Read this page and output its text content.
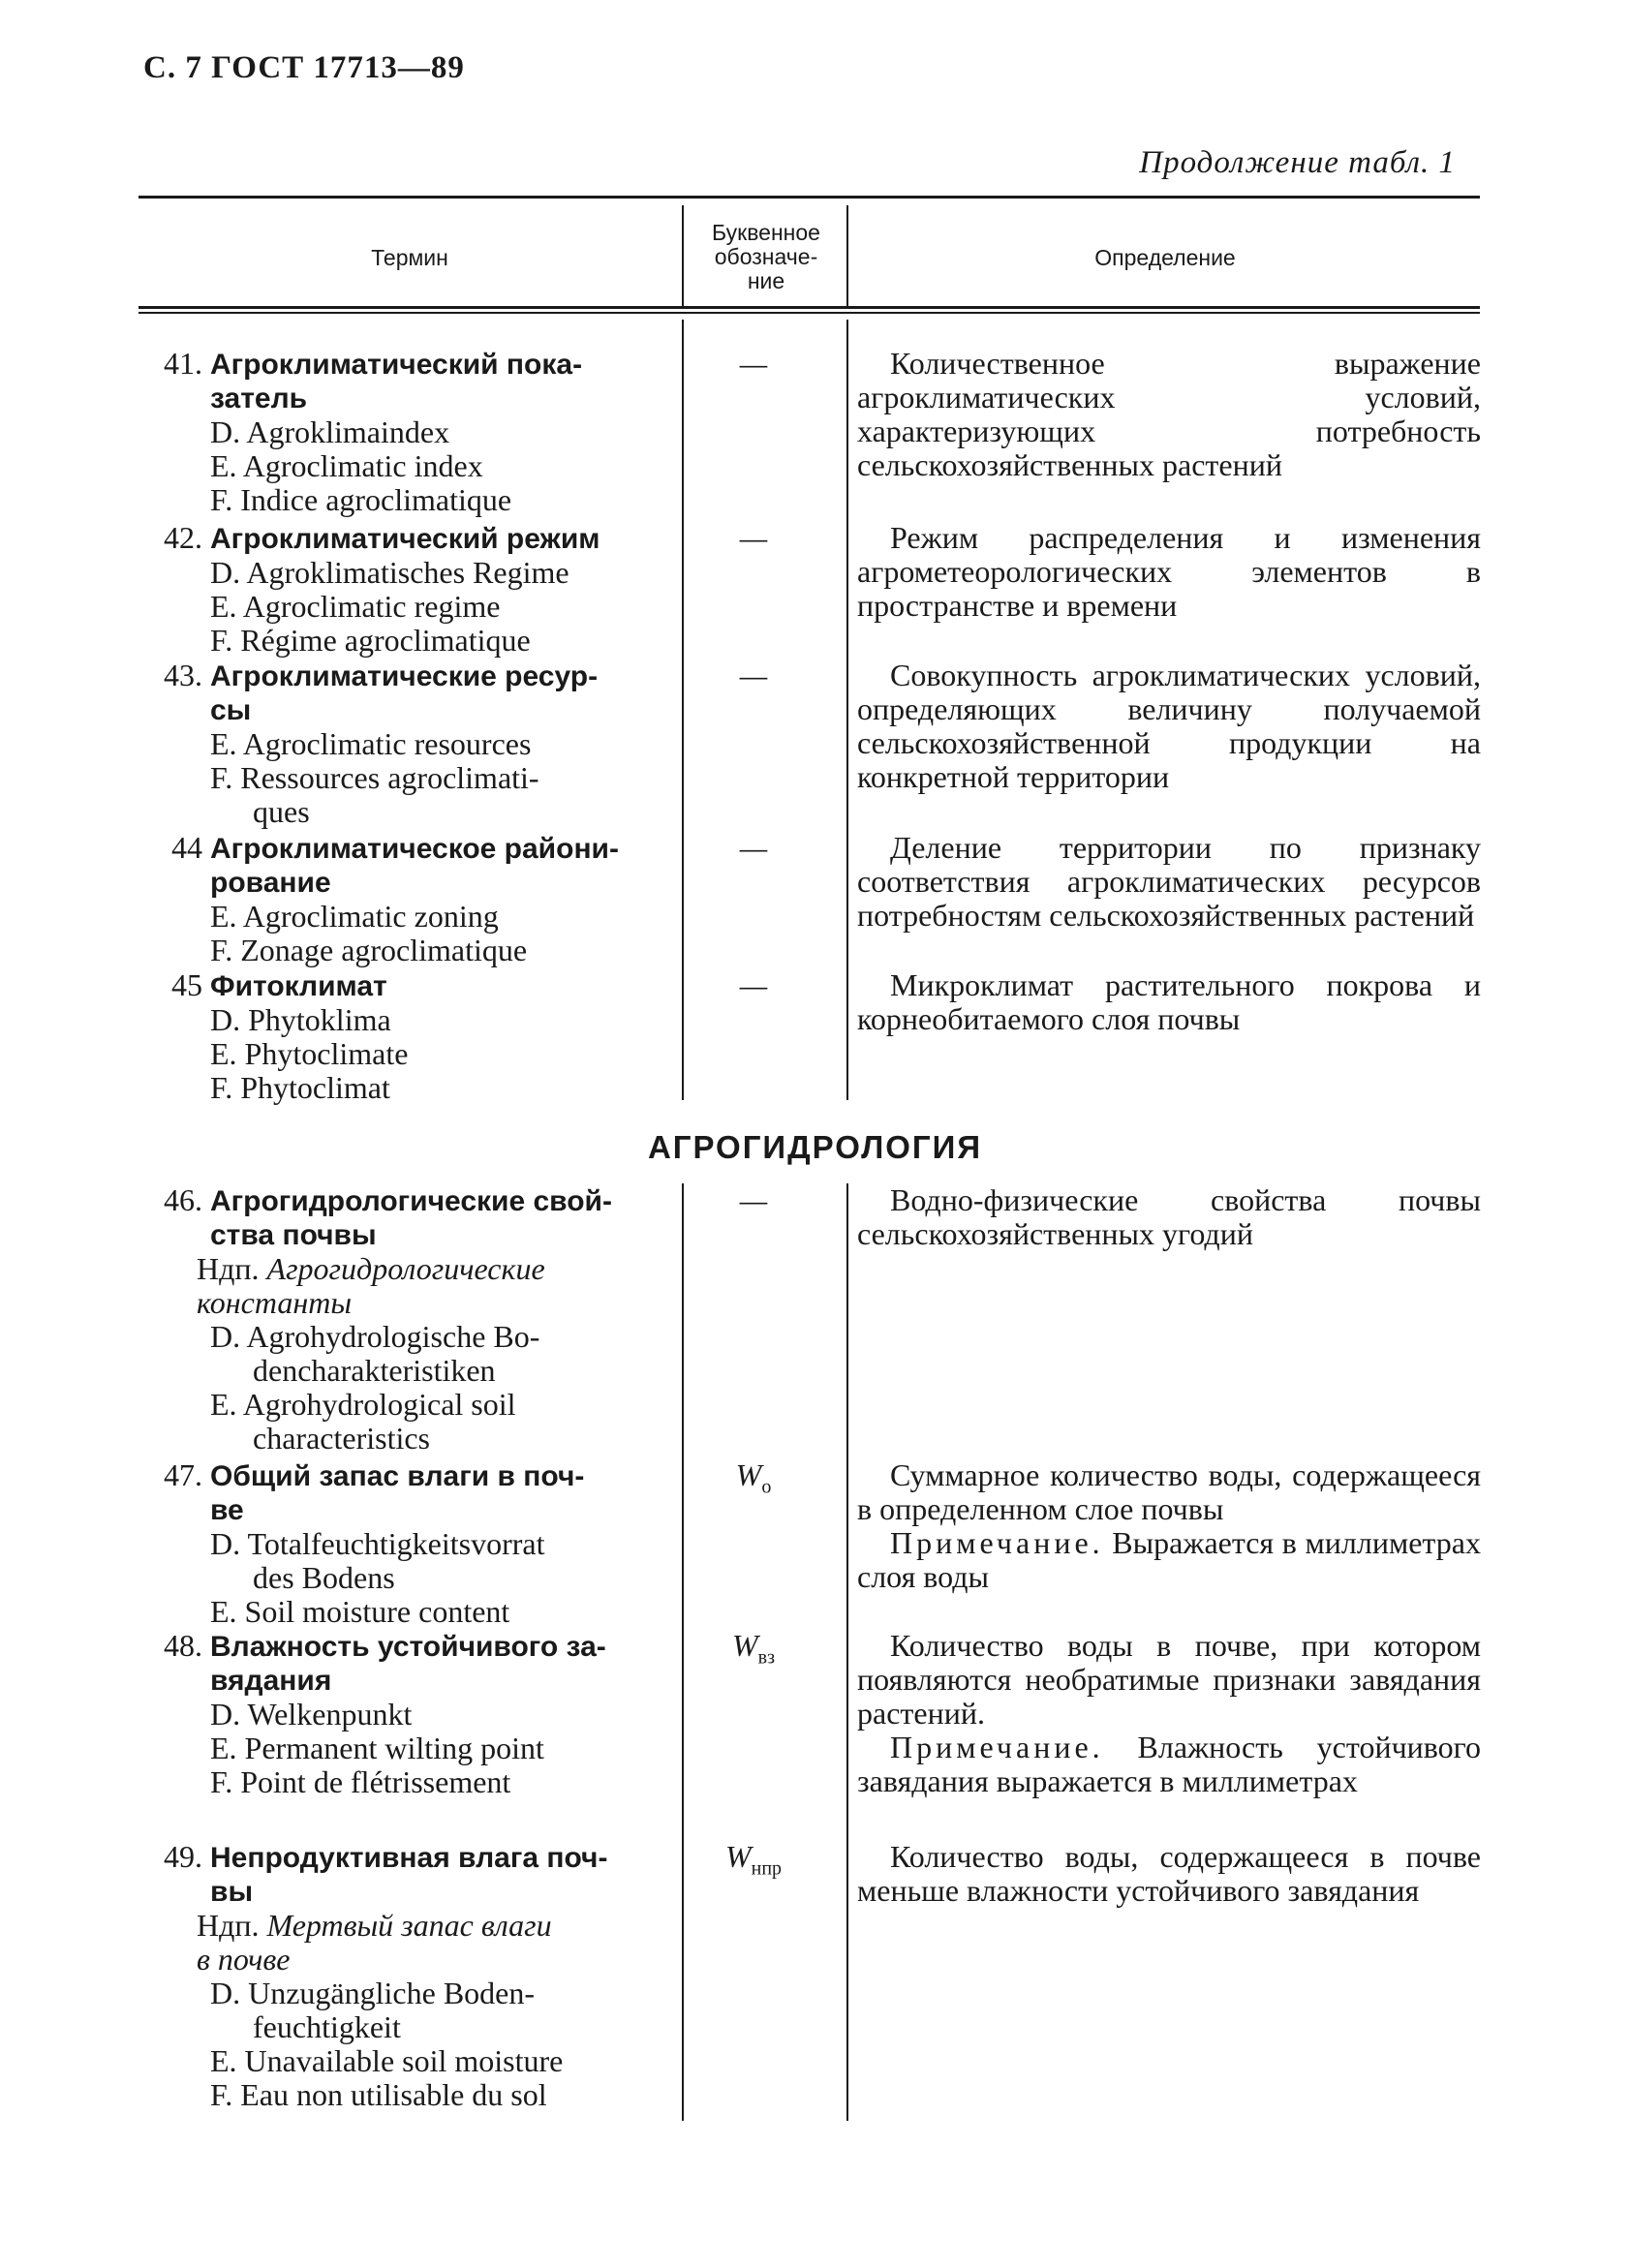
С. 7 ГОСТ 17713—89
Продолжение табл. 1
Термин
Буквенное
обозначе-
ние
Определение
41. Агроклиматический пока-
затель
D. Agroklimaindex
E. Agroclimatic index
F. Indice agroclimatique
—	Количественное выражение агроклиматических условий, характеризующих потребность сельскохозяйственных растений

42. Агроклиматический режим
D. Agroklimatisches Regime
E. Agroclimatic regime
F. Régime agroclimatique
—	Режим распределения и изменения агрометеорологических элементов в пространстве и времени

43. Агроклиматические ресур-
сы
E. Agroclimatic resources
F. Ressources agroclimati-
ques
—	Совокупность агроклиматических условий, определяющих величину получаемой сельскохозяйственной продукции на конкретной территории

44 Агроклиматическое райони-
рование
E. Agroclimatic zoning
F. Zonage agroclimatique
—	Деление территории по признаку соответствия агроклиматических ресурсов потребностям сельскохозяйственных растений

45 Фитоклимат
D. Phytoklima
E. Phytoclimate
F. Phytoclimat
—	Микроклимат растительного покрова и корнеобитаемого слоя почвы

АГРОГИДРОЛОГИЯ
46. Агрогидрологические свой-
ства почвы
Ндп. Агрогидрологические
константы
D. Agrohydrologische Bo-
dencharakteristiken
E. Agrohydrological soil
characteristics
—	Водно-физические свойства почвы сельскохозяйственных угодий

47. Общий запас влаги в поч-
ве
D. Totalfeuchtigkeitsvorrat
des Bodens
E. Soil moisture content
$W_о$	Суммарное количество воды, содержащееся в определенном слое почвы

Примечание. Выражается в миллиметрах слоя воды

48. Влажность устойчивого за-
вядания
D. Welkenpunkt
E. Permanent wilting point
F. Point de flétrissement
$W_{вз}$	Количество воды в почве, при котором появляются необратимые признаки завядания растений.

Примечание. Влажность устойчивого завядания выражается в миллиметрах

49. Непродуктивная влага поч-
вы
Ндп. Мертвый запас влаги
в почве
D. Unzugängliche Boden-
feuchtigkeit
E. Unavailable soil moisture
F. Eau non utilisable du sol
$W_{нпр}$	Количество воды, содержащееся в почве меньше влажности устойчивого завядания
